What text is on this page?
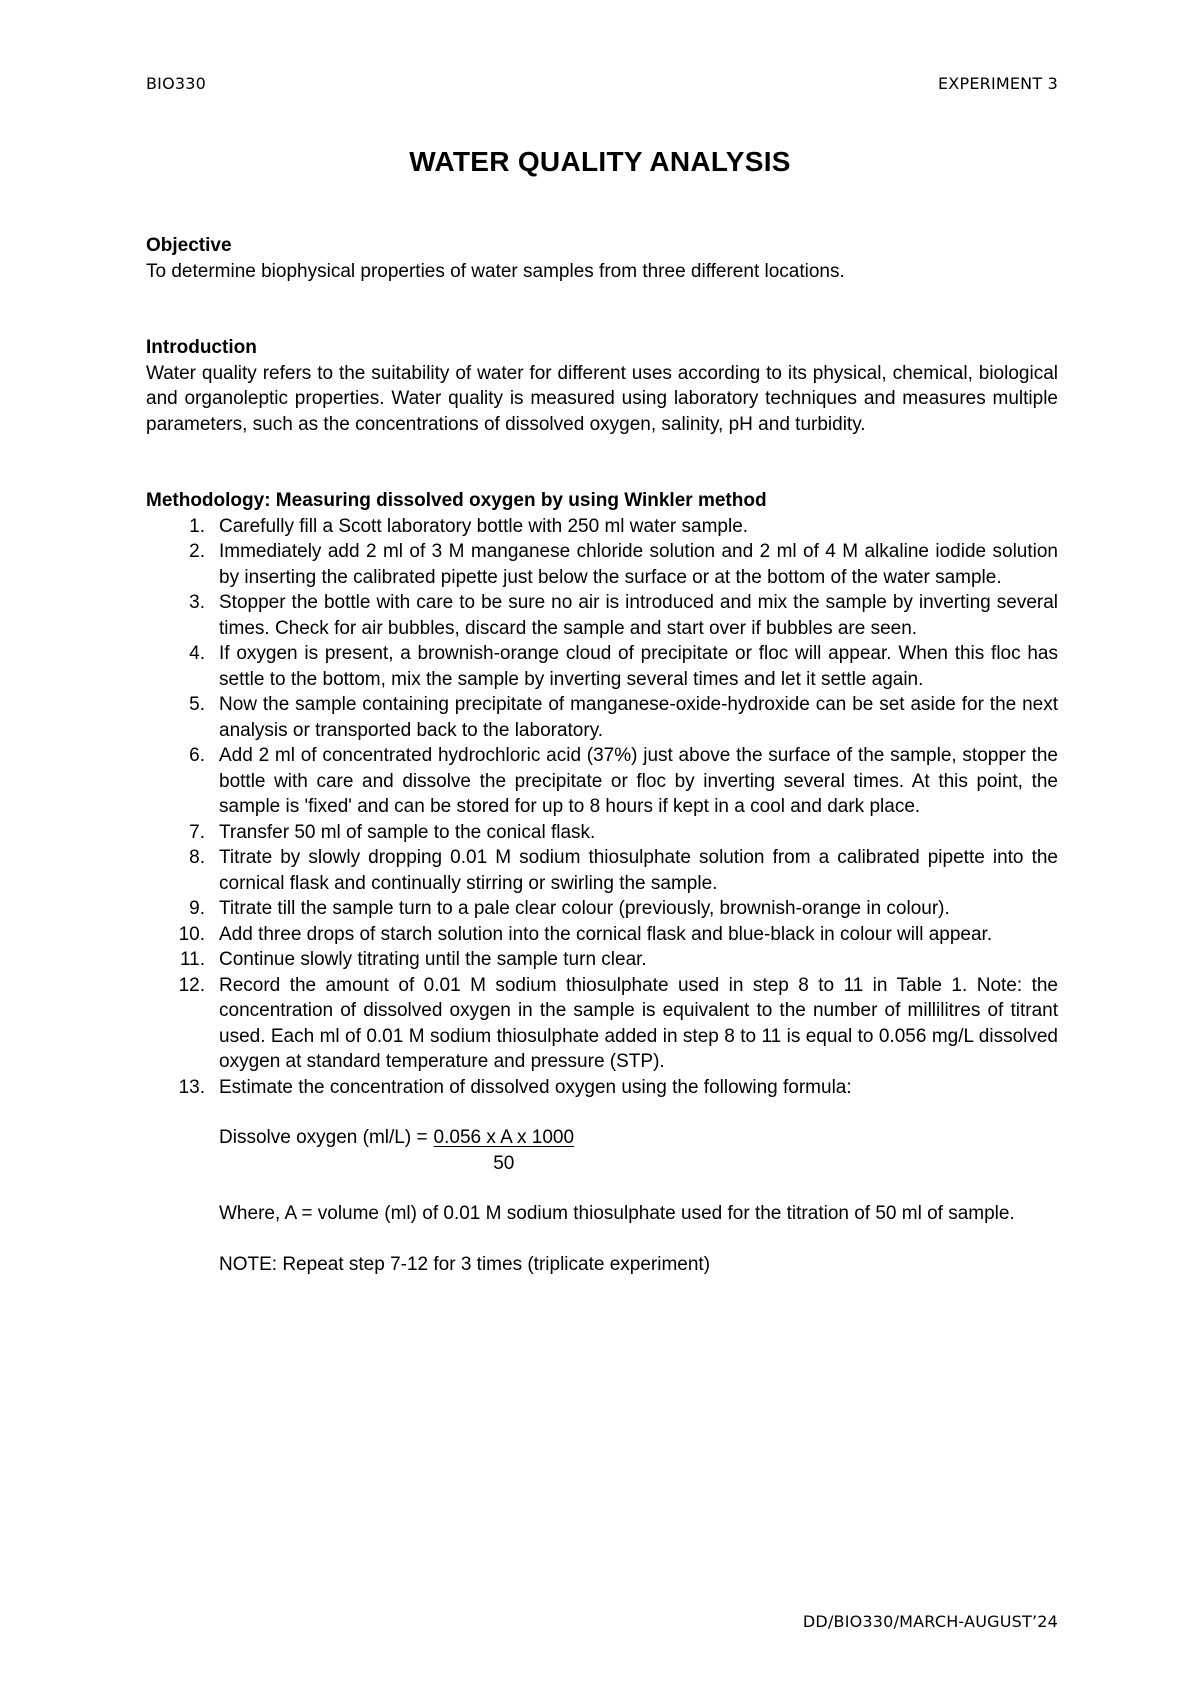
BIO330	EXPERIMENT 3
WATER QUALITY ANALYSIS
Objective
To determine biophysical properties of water samples from three different locations.
Introduction
Water quality refers to the suitability of water for different uses according to its physical, chemical, biological and organoleptic properties. Water quality is measured using laboratory techniques and measures multiple parameters, such as the concentrations of dissolved oxygen, salinity, pH and turbidity.
Methodology: Measuring dissolved oxygen by using Winkler method
1. Carefully fill a Scott laboratory bottle with 250 ml water sample.
2. Immediately add 2 ml of 3 M manganese chloride solution and 2 ml of 4 M alkaline iodide solution by inserting the calibrated pipette just below the surface or at the bottom of the water sample.
3. Stopper the bottle with care to be sure no air is introduced and mix the sample by inverting several times. Check for air bubbles, discard the sample and start over if bubbles are seen.
4. If oxygen is present, a brownish-orange cloud of precipitate or floc will appear. When this floc has settle to the bottom, mix the sample by inverting several times and let it settle again.
5. Now the sample containing precipitate of manganese-oxide-hydroxide can be set aside for the next analysis or transported back to the laboratory.
6. Add 2 ml of concentrated hydrochloric acid (37%) just above the surface of the sample, stopper the bottle with care and dissolve the precipitate or floc by inverting several times. At this point, the sample is 'fixed' and can be stored for up to 8 hours if kept in a cool and dark place.
7. Transfer 50 ml of sample to the conical flask.
8. Titrate by slowly dropping 0.01 M sodium thiosulphate solution from a calibrated pipette into the cornical flask and continually stirring or swirling the sample.
9. Titrate till the sample turn to a pale clear colour (previously, brownish-orange in colour).
10. Add three drops of starch solution into the cornical flask and blue-black in colour will appear.
11. Continue slowly titrating until the sample turn clear.
12. Record the amount of 0.01 M sodium thiosulphate used in step 8 to 11 in Table 1. Note: the concentration of dissolved oxygen in the sample is equivalent to the number of millilitres of titrant used. Each ml of 0.01 M sodium thiosulphate added in step 8 to 11 is equal to 0.056 mg/L dissolved oxygen at standard temperature and pressure (STP).
13. Estimate the concentration of dissolved oxygen using the following formula:
Dissolve oxygen $(ml/L) = \frac{\text{0.056 x A x 1000}}{50}$
Where, A = volume (ml) of 0.01 M sodium thiosulphate used for the titration of 50 ml of sample.
NOTE: Repeat step 7-12 for 3 times (triplicate experiment)
DD/BIO330/MARCH-AUGUST’24
